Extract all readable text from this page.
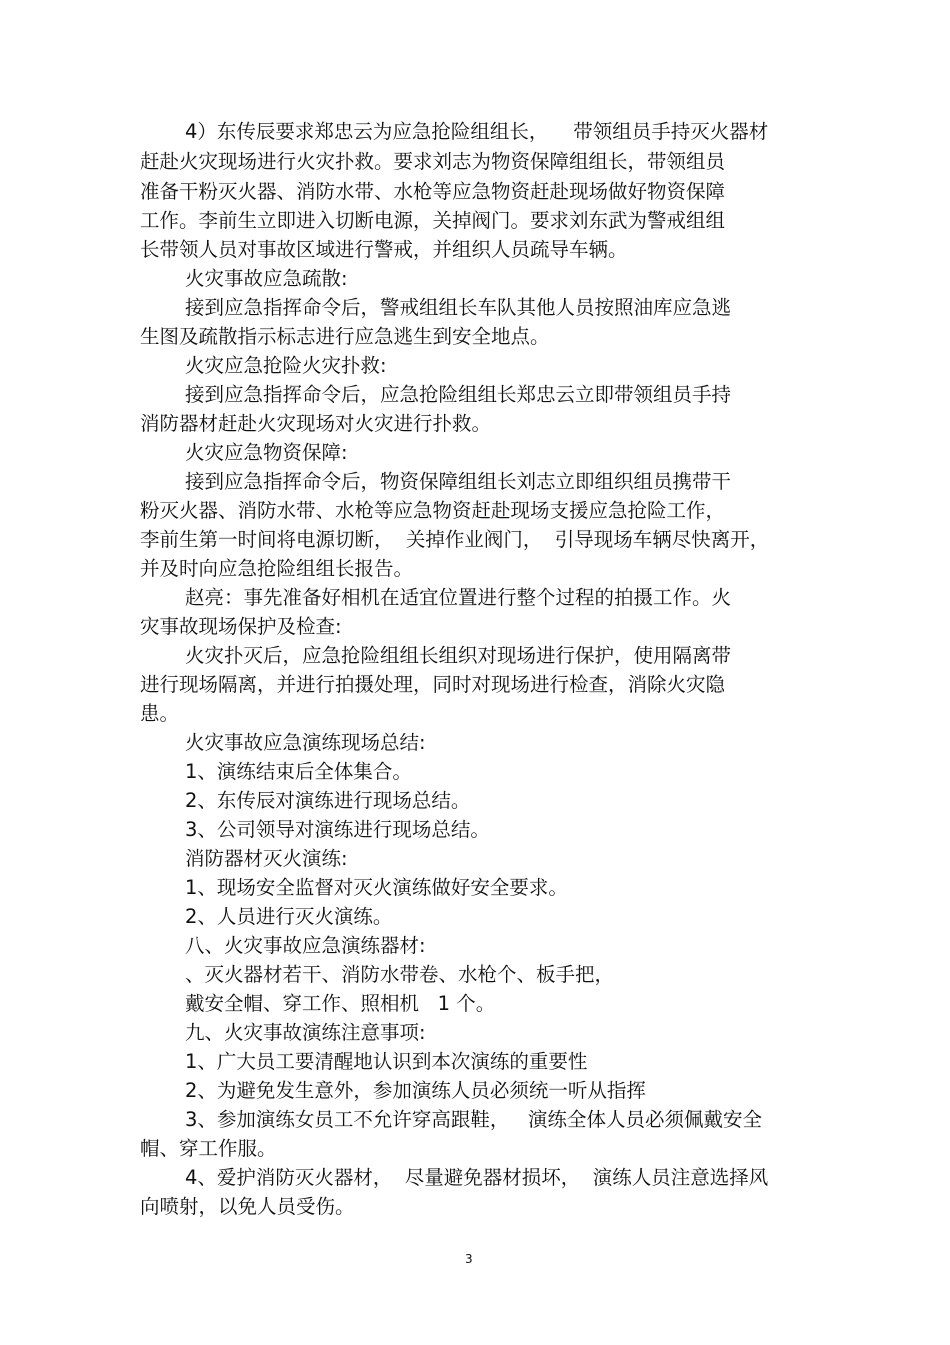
4）东传辰要求郑忠云为应急抢险组组长，    带领组员手持灭火器材
赶赴火灾现场进行火灾扑救。要求刘志为物资保障组组长，带领组员
准备干粉灭火器、消防水带、水枪等应急物资赶赴现场做好物资保障
工作。李前生立即进入切断电源，关掉阀门。要求刘东武为警戒组组
长带领人员对事故区域进行警戒，并组织人员疏导车辆。
火灾事故应急疏散:
接到应急指挥命令后，警戒组组长车队其他人员按照油库应急逃
生图及疏散指示标志进行应急逃生到安全地点。
火灾应急抢险火灾扑救:
接到应急指挥命令后，应急抢险组组长郑忠云立即带领组员手持
消防器材赶赴火灾现场对火灾进行扑救。
火灾应急物资保障:
接到应急指挥命令后，物资保障组组长刘志立即组织组员携带干
粉灭火器、消防水带、水枪等应急物资赶赴现场支援应急抢险工作，
李前生第一时间将电源切断，  关掉作业阀门，  引导现场车辆尽快离开，
并及时向应急抢险组组长报告。
赵亮：事先准备好相机在适宜位置进行整个过程的拍摄工作。火
灾事故现场保护及检查:
火灾扑灭后，应急抢险组组长组织对现场进行保护，使用隔离带
进行现场隔离，并进行拍摄处理，同时对现场进行检查，消除火灾隐
患。
火灾事故应急演练现场总结:
1、演练结束后全体集合。
2、东传辰对演练进行现场总结。
3、公司领导对演练进行现场总结。
消防器材灭火演练:
1、现场安全监督对灭火演练做好安全要求。
2、人员进行灭火演练。
八、火灾事故应急演练器材:
、灭火器材若干、消防水带卷、水枪个、板手把，
戴安全帽、穿工作、照相机   1 个。
九、火灾事故演练注意事项:
1、广大员工要清醒地认识到本次演练的重要性
2、为避免发生意外，参加演练人员必须统一听从指挥
3、参加演练女员工不允许穿高跟鞋，   演练全体人员必须佩戴安全
帽、穿工作服。
4、爱护消防灭火器材，  尽量避免器材损坏，  演练人员注意选择风
向喷射，以免人员受伤。
3
